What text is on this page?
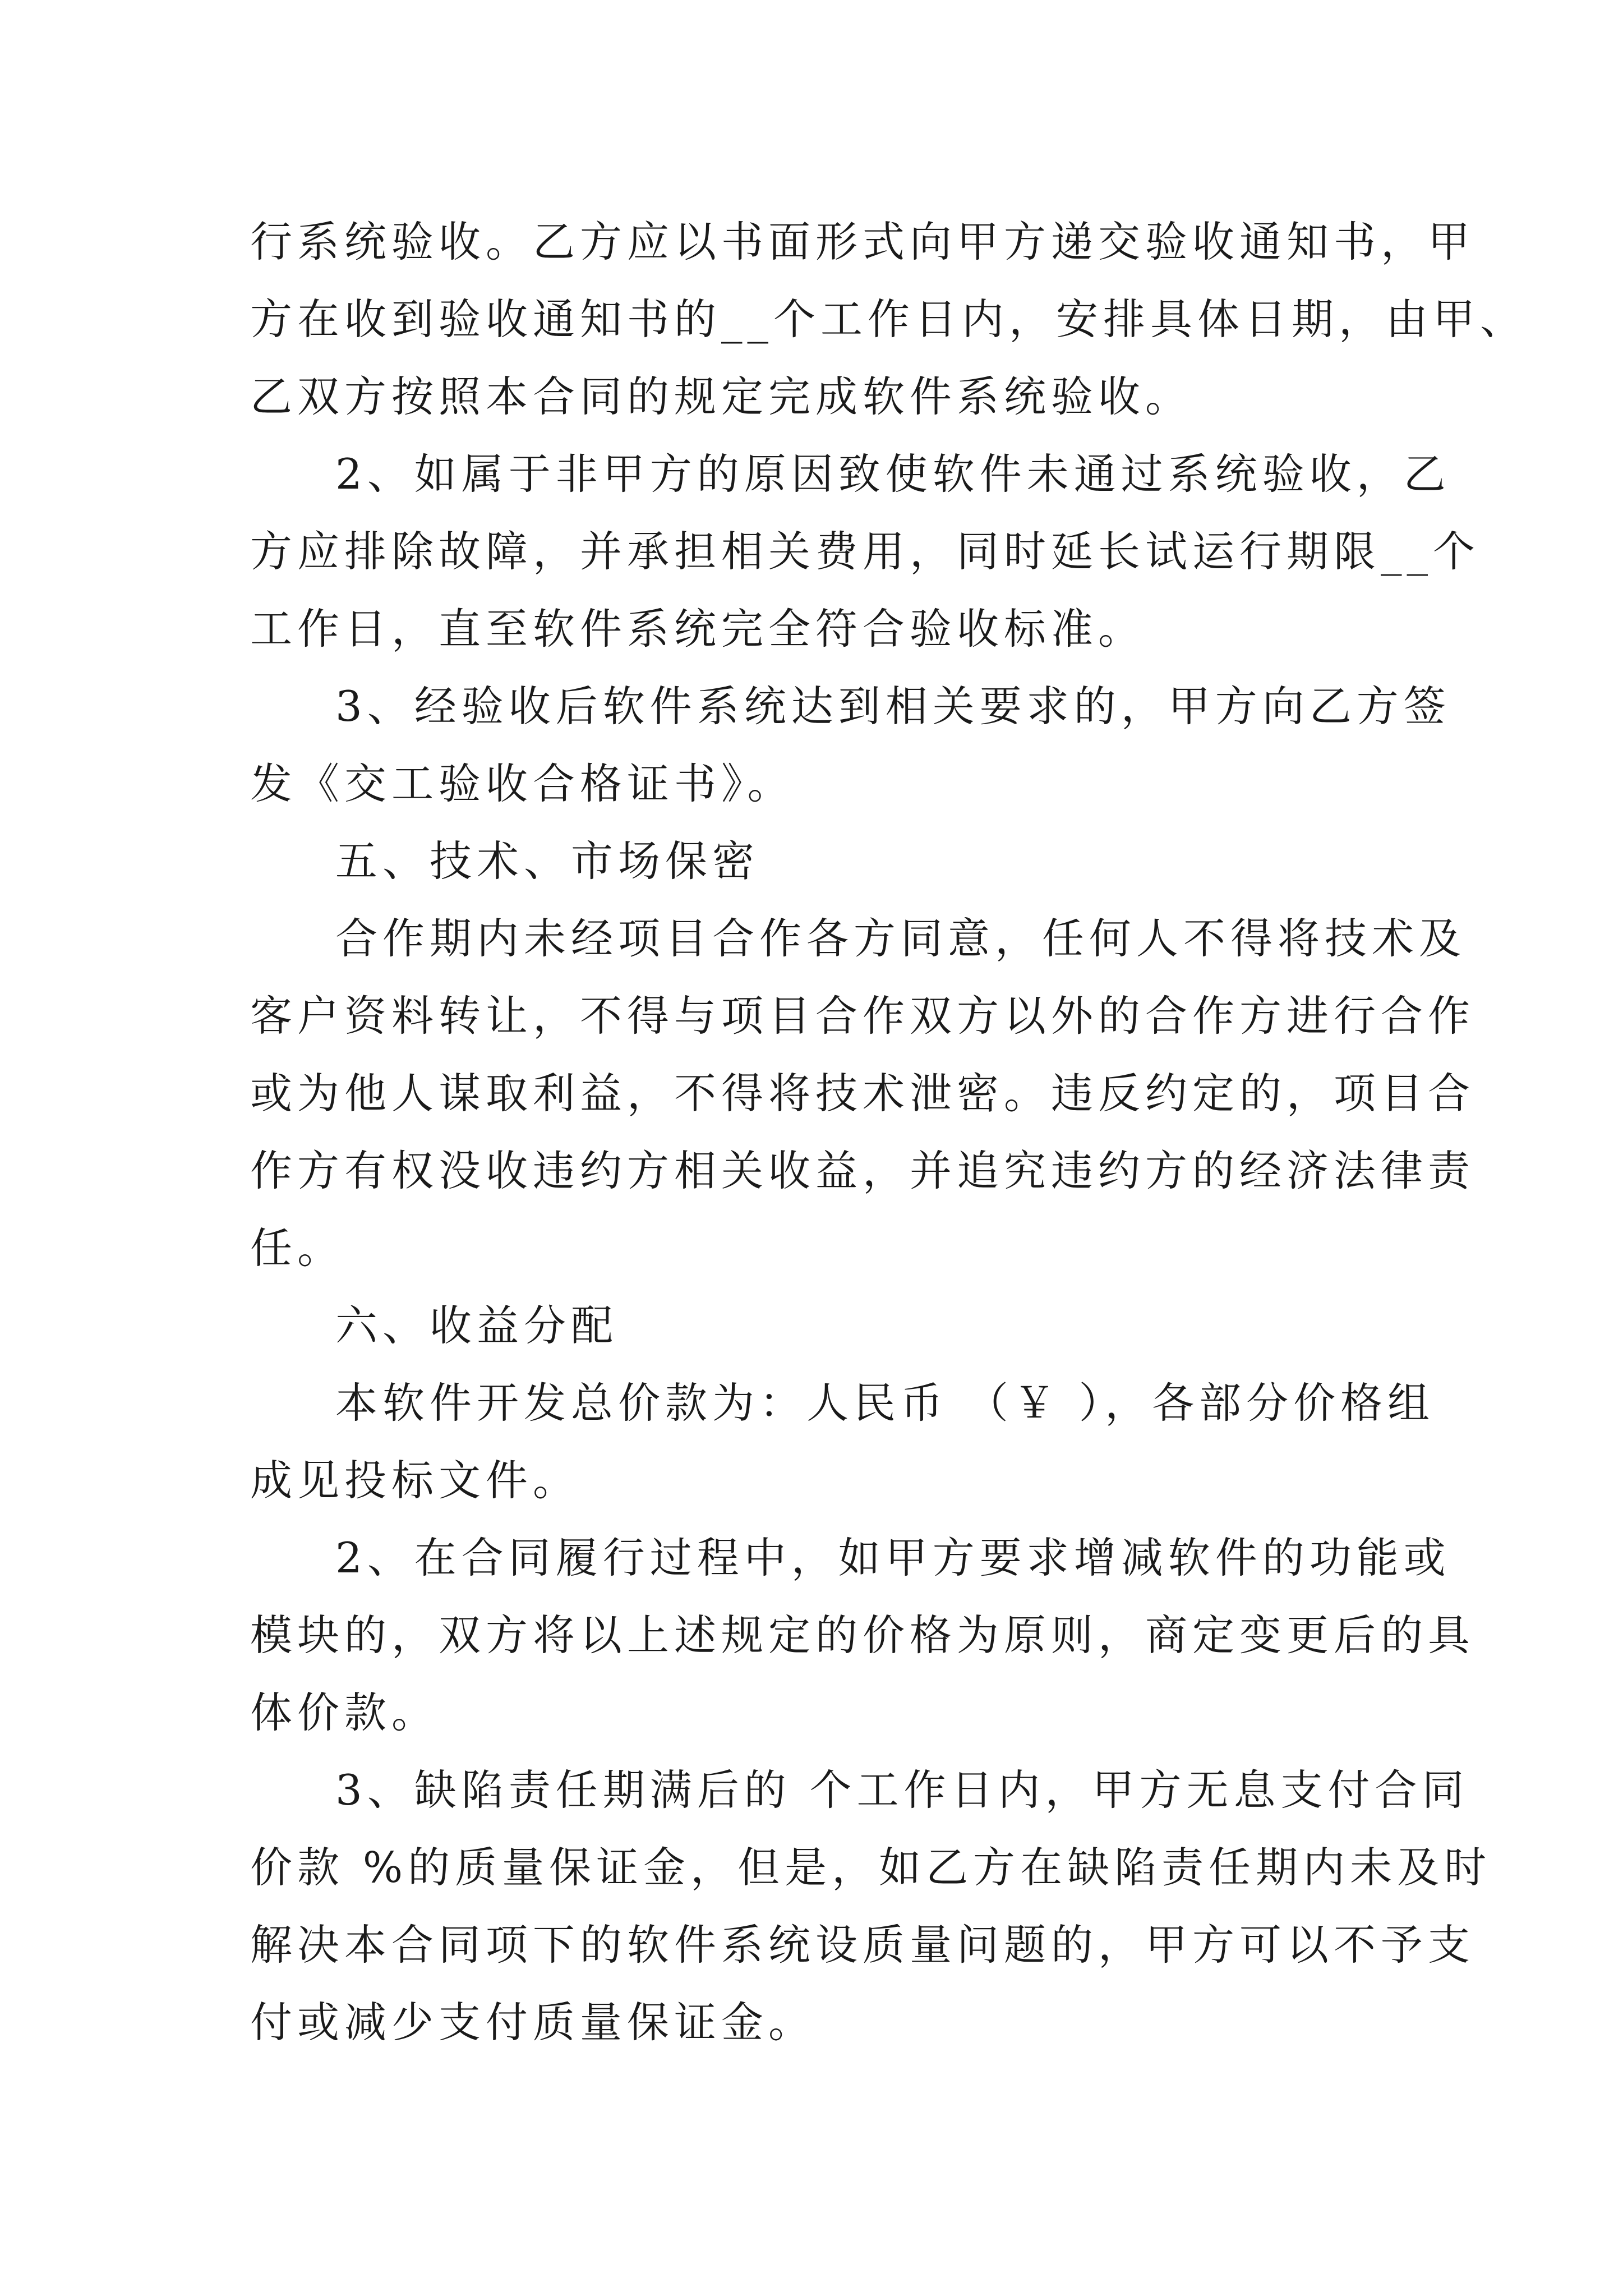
行系统验收。乙方应以书面形式向甲方递交验收通知书，甲
方在收到验收通知书的__个工作日内，安排具体日期，由甲、
乙双方按照本合同的规定完成软件系统验收。
2、如属于非甲方的原因致使软件未通过系统验收，乙
方应排除故障，并承担相关费用，同时延长试运行期限__个
工作日，直至软件系统完全符合验收标准。
3、经验收后软件系统达到相关要求的，甲方向乙方签
发《交工验收合格证书》。
五、技术、市场保密
合作期内未经项目合作各方同意，任何人不得将技术及
客户资料转让，不得与项目合作双方以外的合作方进行合作
或为他人谋取利益，不得将技术泄密。违反约定的，项目合
作方有权没收违约方相关收益，并追究违约方的经济法律责
任。
六、收益分配
本软件开发总价款为：人民币 （￥ ），各部分价格组
成见投标文件。
2、在合同履行过程中，如甲方要求增减软件的功能或
模块的，双方将以上述规定的价格为原则，商定变更后的具
体价款。
3、缺陷责任期满后的 个工作日内，甲方无息支付合同
价款 %的质量保证金，但是，如乙方在缺陷责任期内未及时
解决本合同项下的软件系统设质量问题的，甲方可以不予支
付或减少支付质量保证金。
